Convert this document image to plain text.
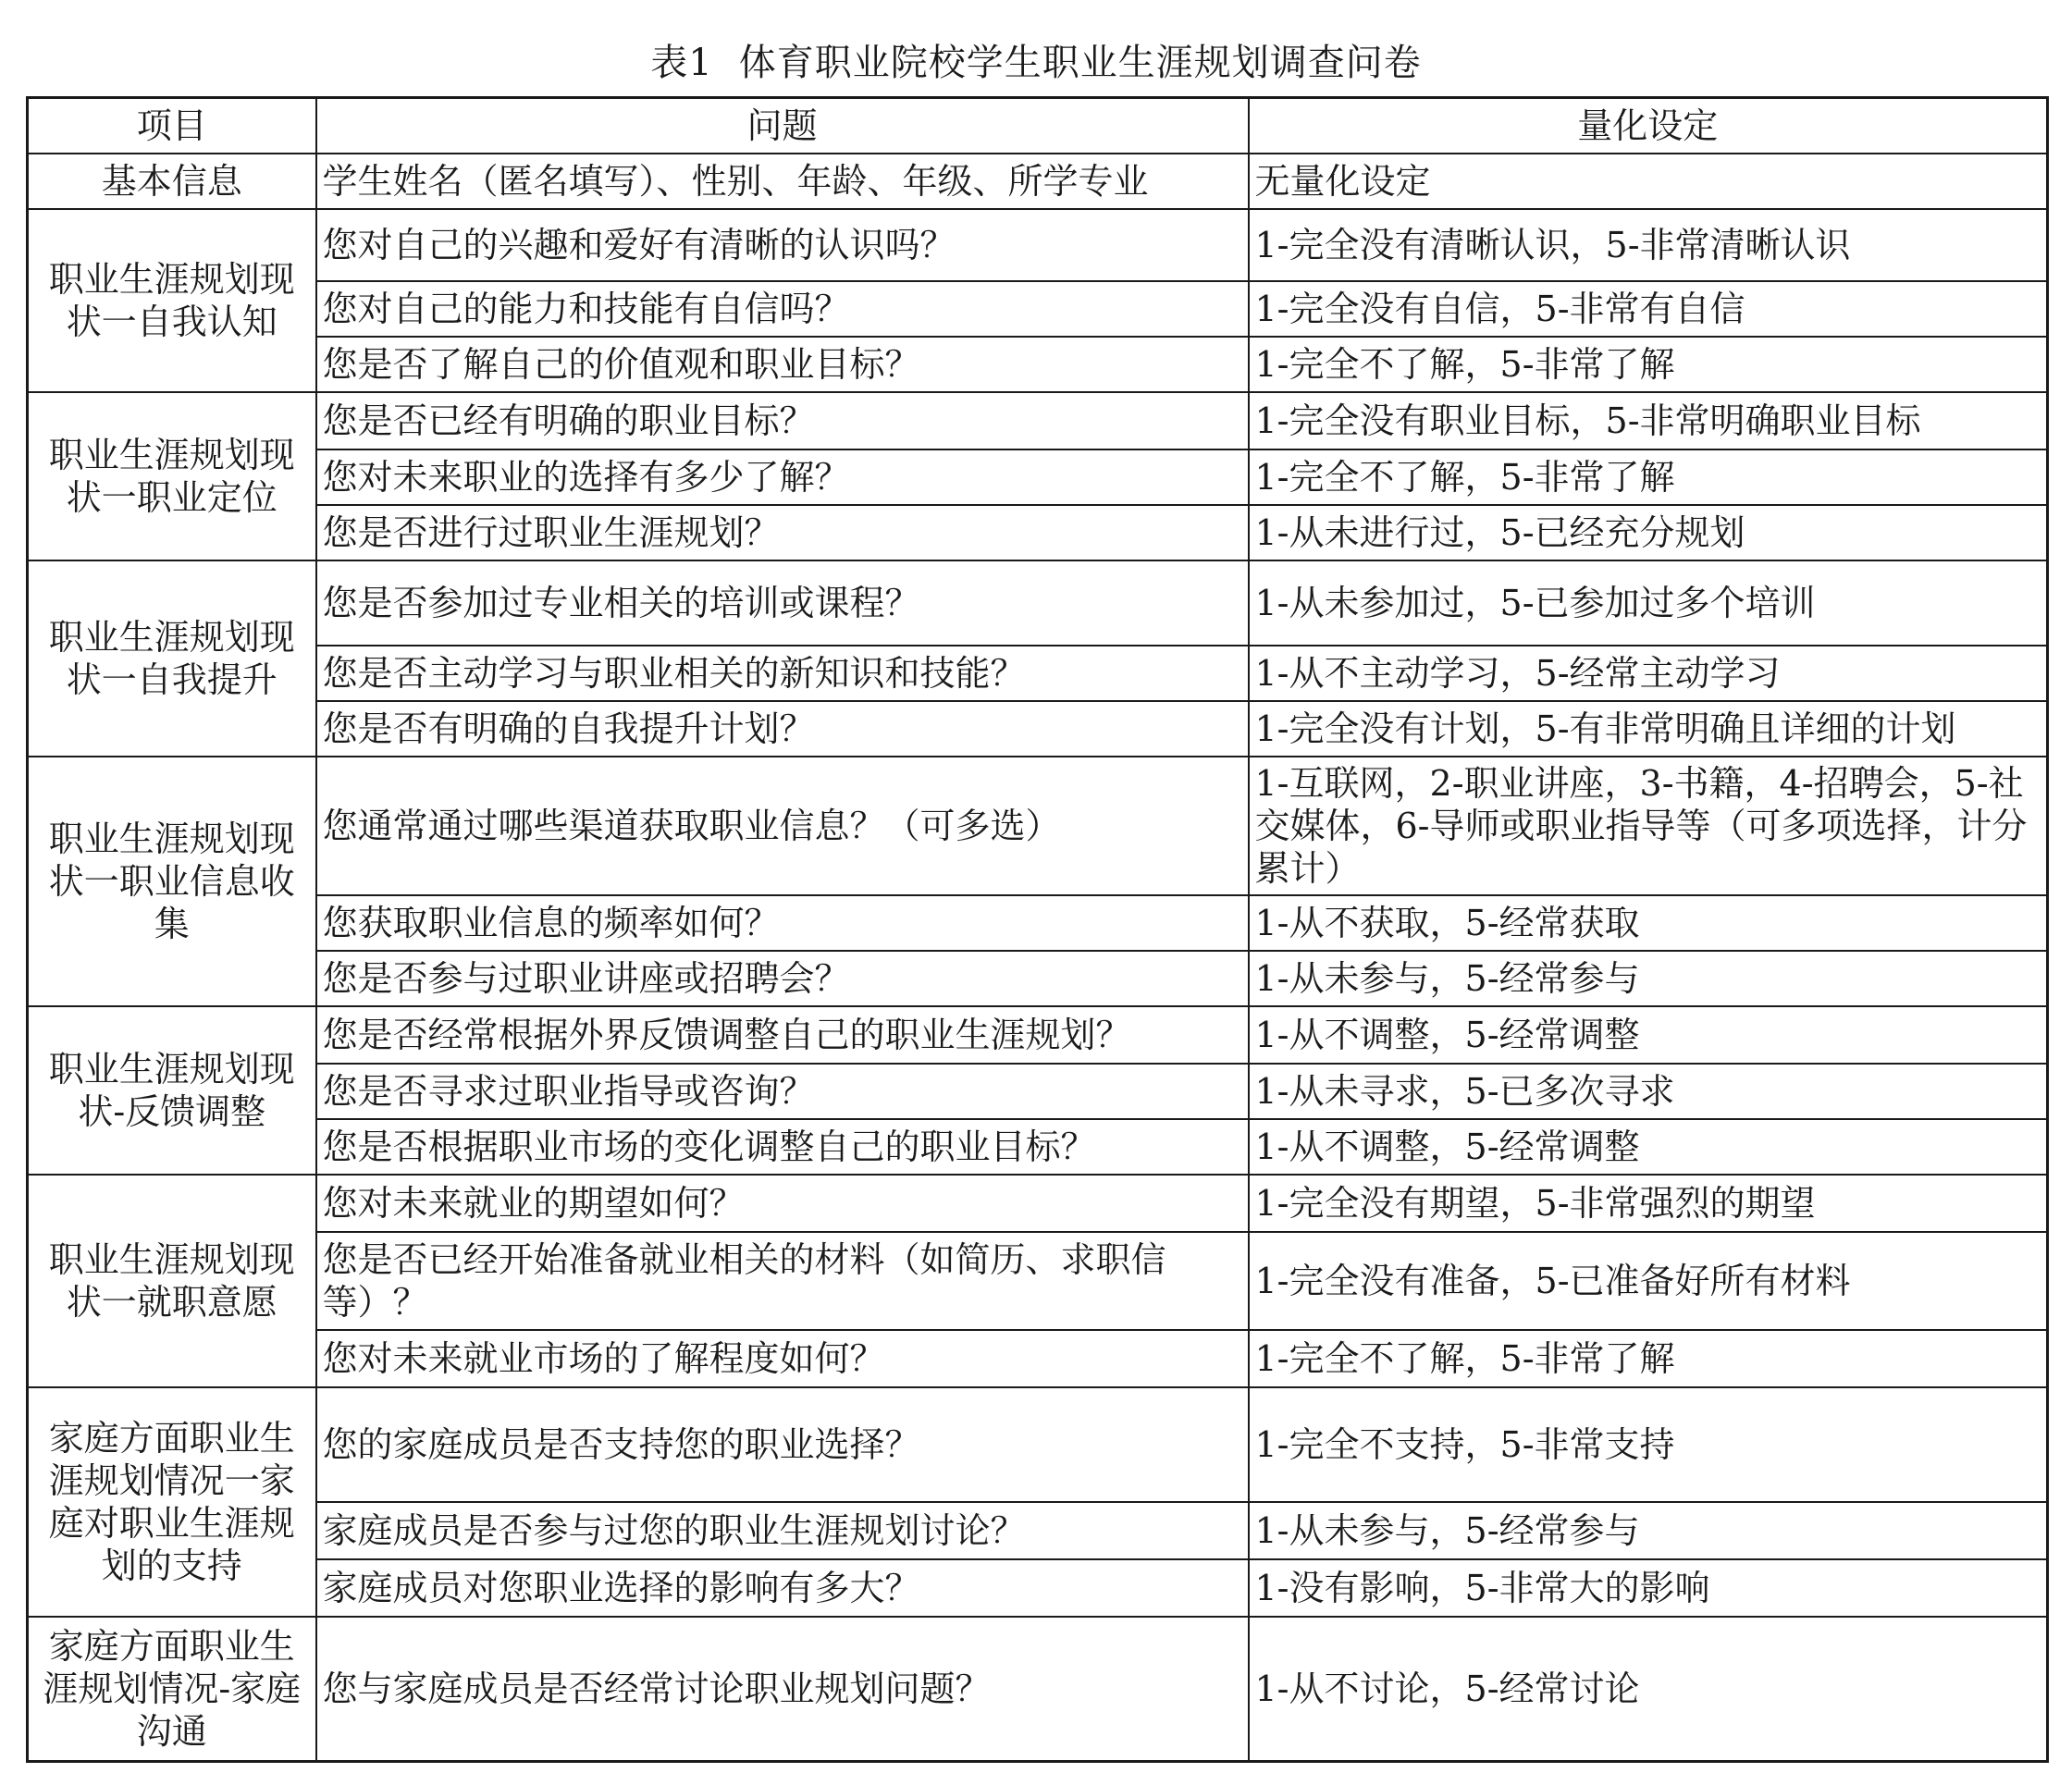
表1 体育职业院校学生职业生涯规划调查问卷
项目	问题	量化设定
基本信息	学生姓名（匿名填写）、性别、年龄、年级、所学专业	无量化设定
职业生涯规划现状一自我认知	您对自己的兴趣和爱好有清晰的认识吗？	1-完全没有清晰认识，5-非常清晰认识
	您对自己的能力和技能有自信吗？	1-完全没有自信，5-非常有自信
	您是否了解自己的价值观和职业目标？	1-完全不了解，5-非常了解
职业生涯规划现状一职业定位	您是否已经有明确的职业目标？	1-完全没有职业目标，5-非常明确职业目标
	您对未来职业的选择有多少了解？	1-完全不了解，5-非常了解
	您是否进行过职业生涯规划？	1-从未进行过，5-已经充分规划
职业生涯规划现状一自我提升	您是否参加过专业相关的培训或课程？	1-从未参加过，5-已参加过多个培训
	您是否主动学习与职业相关的新知识和技能？	1-从不主动学习，5-经常主动学习
	您是否有明确的自我提升计划？	1-完全没有计划，5-有非常明确且详细的计划
职业生涯规划现状一职业信息收集	您通常通过哪些渠道获取职业信息？（可多选）	1-互联网，2-职业讲座，3-书籍，4-招聘会，5-社交媒体，6-导师或职业指导等（可多项选择，计分累计）
	您获取职业信息的频率如何？	1-从不获取，5-经常获取
	您是否参与过职业讲座或招聘会？	1-从未参与，5-经常参与
职业生涯规划现状-反馈调整	您是否经常根据外界反馈调整自己的职业生涯规划？	1-从不调整，5-经常调整
	您是否寻求过职业指导或咨询？	1-从未寻求，5-已多次寻求
	您是否根据职业市场的变化调整自己的职业目标？	1-从不调整，5-经常调整
职业生涯规划现状一就职意愿	您对未来就业的期望如何？	1-完全没有期望，5-非常强烈的期望
	您是否已经开始准备就业相关的材料（如简历、求职信等）？	1-完全没有准备，5-已准备好所有材料
	您对未来就业市场的了解程度如何？	1-完全不了解，5-非常了解
家庭方面职业生涯规划情况一家庭对职业生涯规划的支持	您的家庭成员是否支持您的职业选择？	1-完全不支持，5-非常支持
	家庭成员是否参与过您的职业生涯规划讨论？	1-从未参与，5-经常参与
	家庭成员对您职业选择的影响有多大？	1-没有影响，5-非常大的影响
家庭方面职业生涯规划情况-家庭沟通	您与家庭成员是否经常讨论职业规划问题？	1-从不讨论，5-经常讨论
